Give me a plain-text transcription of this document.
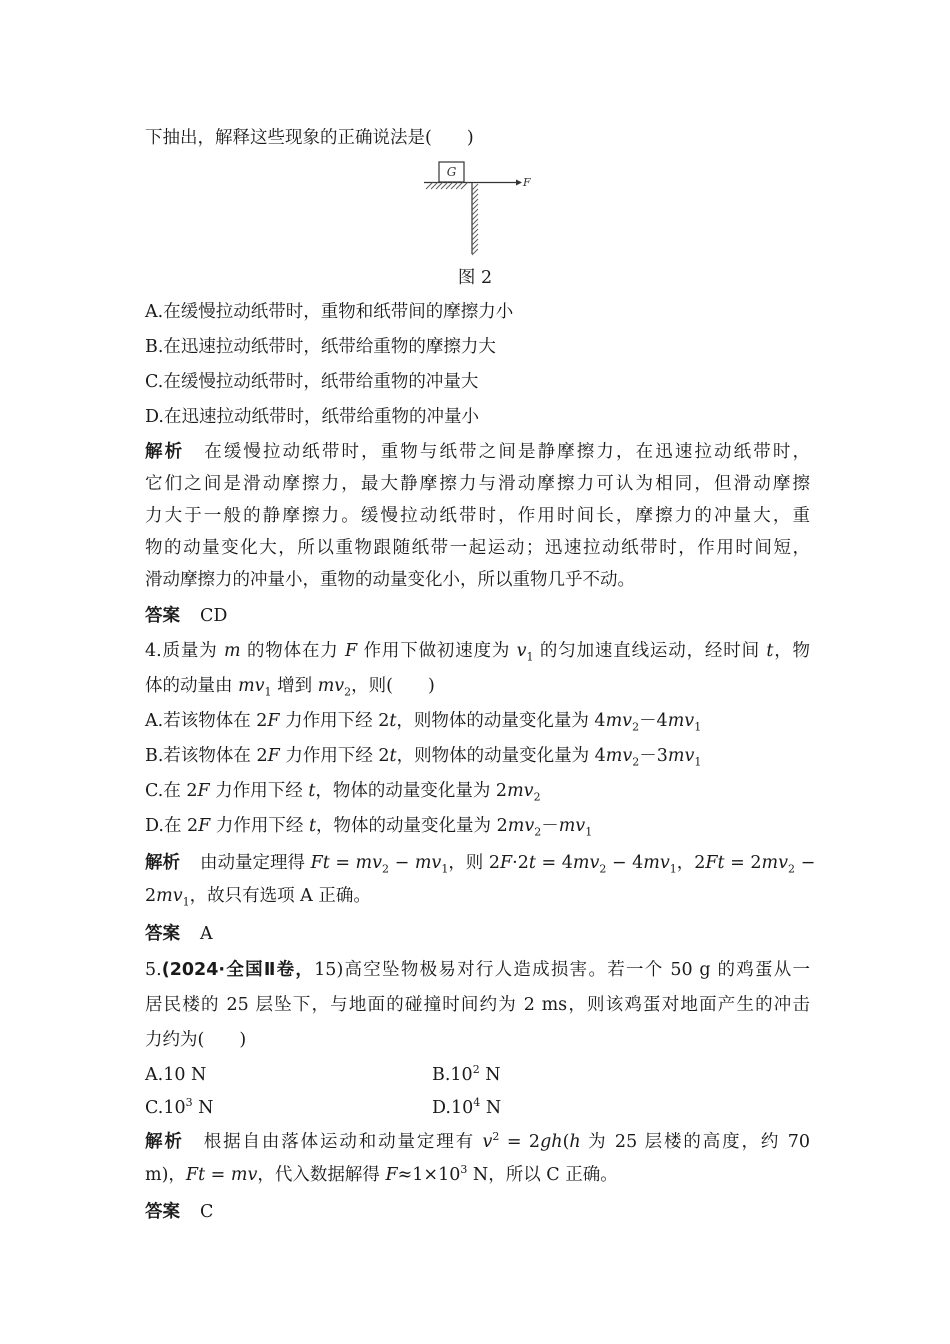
下抽出，解释这些现象的正确说法是(　　)
G
F
图 2
A.在缓慢拉动纸带时，重物和纸带间的摩擦力小
B.在迅速拉动纸带时，纸带给重物的摩擦力大
C.在缓慢拉动纸带时，纸带给重物的冲量大
D.在迅速拉动纸带时，纸带给重物的冲量小
解析 在缓慢拉动纸带时，重物与纸带之间是静摩擦力，在迅速拉动纸带时，
它们之间是滑动摩擦力，最大静摩擦力与滑动摩擦力可认为相同，但滑动摩擦
力大于一般的静摩擦力。缓慢拉动纸带时，作用时间长，摩擦力的冲量大，重
物的动量变化大，所以重物跟随纸带一起运动；迅速拉动纸带时，作用时间短，
滑动摩擦力的冲量小，重物的动量变化小，所以重物几乎不动。
答案 CD
4.质量为 m 的物体在力 F 作用下做初速度为 $v_1$ 的匀加速直线运动，经时间 t，物
体的动量由 $mv_1$ 增到 $mv_2$，则(　　)
A.若该物体在 2F 力作用下经 2t，则物体的动量变化量为 $4mv_2-4mv_1$
B.若该物体在 2F 力作用下经 2t，则物体的动量变化量为 $4mv_2-3mv_1$
C.在 2F 力作用下经 t，物体的动量变化量为 $2mv_2$
D.在 2F 力作用下经 t，物体的动量变化量为 $2mv_2-mv_1$
解析 由动量定理得 $Ft = mv_2 - mv_1$，则 $2F\cdot 2t = 4mv_2 - 4mv_1$，$2Ft = 2mv_2$ −
$2mv_1$，故只有选项 A 正确。
答案 A
5.(2024·全国Ⅱ卷，15)高空坠物极易对行人造成损害。若一个 50 g 的鸡蛋从一
居民楼的 25 层坠下，与地面的碰撞时间约为 2 ms，则该鸡蛋对地面产生的冲击
力约为(　　)
A.10 N	$B.10^2$ N
$C.10^3$ N	$D.10^4$ N
解析 根据自由落体运动和动量定理有 $v^2 = 2gh(h$ 为 25 层楼的高度，约 70
m)，Ft = mv，代入数据解得 $F\approx 1\times 10^3$ N，所以 C 正确。
答案 C
